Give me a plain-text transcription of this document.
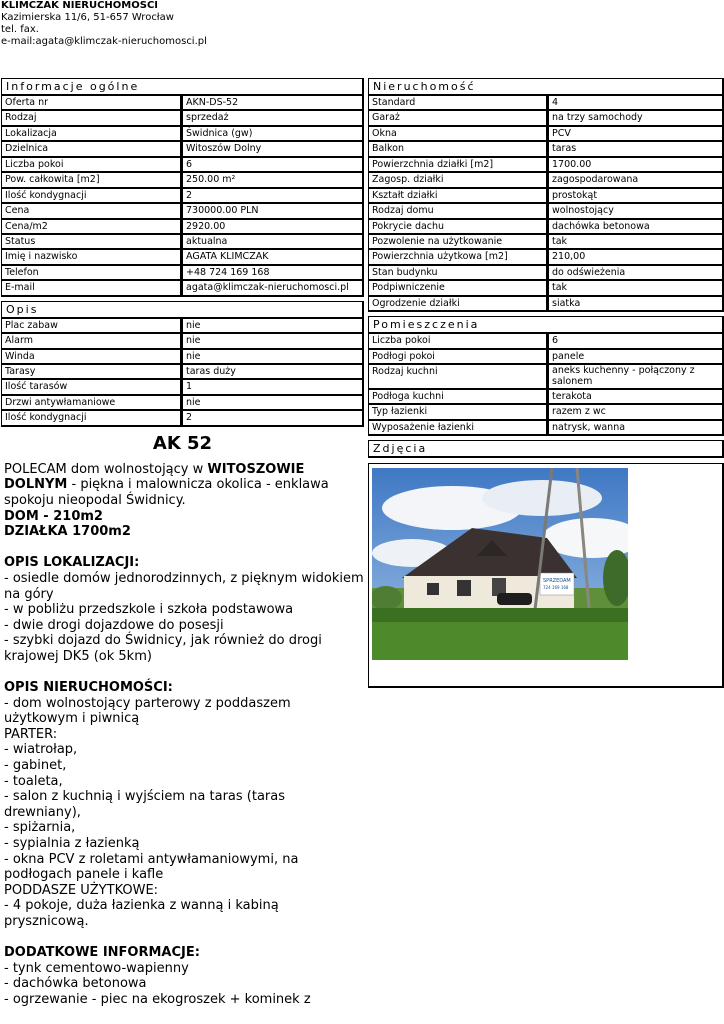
KLIMCZAK NIERUCHOMOŚCI
Kazimierska 11/6, 51-657 Wrocław
tel. fax.
e-mail:agata@klimczak-nieruchomosci.pl
Informacje ogólne
Oferta nr	AKN-DS-52
Rodzaj	sprzedaż
Lokalizacja	Świdnica (gw)
Dzielnica	Witoszów Dolny
Liczba pokoi	6
Pow. całkowita [m2]	250.00 m²
Ilość kondygnacji	2
Cena	730000.00 PLN
Cena/m2	2920.00
Status	aktualna
Imię i nazwisko	AGATA KLIMCZAK
Telefon	+48 724 169 168
E-mail	agata@klimczak-nieruchomosci.pl
Opis
Plac zabaw	nie
Alarm	nie
Winda	nie
Tarasy	taras duży
Ilość tarasów	1
Drzwi antywłamaniowe	nie
Ilość kondygnacji	2
AK 52

POLECAM dom wolnostojący w WITOSZOWIE DOLNYM - piękna i malownicza okolica - enklawa spokoju nieopodal Świdnicy.

DOM - 210m2

DZIAŁKA 1700m2

OPIS LOKALIZACJI:

- osiedle domów jednorodzinnych, z pięknym widokiem na góry

- w pobliżu przedszkole i szkoła podstawowa

- dwie drogi dojazdowe do posesji

- szybki dojazd do Świdnicy, jak również do drogi krajowej DK5 (ok 5km)

OPIS NIERUCHOMOŚCI:

- dom wolnostojący parterowy z poddaszem użytkowym i piwnicą

PARTER:

- wiatrołap,

- gabinet,

- toaleta,

- salon z kuchnią i wyjściem na taras (taras drewniany),

- spiżarnia,

- sypialnia z łazienką

- okna PCV z roletami antywłamaniowymi, na podłogach panele i kafle

PODDASZE UŻYTKOWE:

- 4 pokoje, duża łazienka z wanną i kabiną prysznicową.

DODATKOWE INFORMACJE:

- tynk cementowo-wapienny

- dachówka betonowa

- ogrzewanie - piec na ekogroszek + kominek z

Nieruchomość
Standard	4
Garaż	na trzy samochody
Okna	PCV
Balkon	taras
Powierzchnia działki [m2]	1700.00
Zagosp. działki	zagospodarowana
Kształt działki	prostokąt
Rodzaj domu	wolnostojący
Pokrycie dachu	dachówka betonowa
Pozwolenie na użytkowanie	tak
Powierzchnia użytkowa [m2]	210,00
Stan budynku	do odświeżenia
Podpiwniczenie	tak
Ogrodzenie działki	siatka
Pomieszczenia
Liczba pokoi	6
Podłogi pokoi	panele
Rodzaj kuchni	aneks kuchenny - połączony z salonem
Podłoga kuchni	terakota
Typ łazienki	razem z wc
Wyposażenie łazienki	natrysk, wanna
Zdjęcia
SPRZEDAM
724 169 168
